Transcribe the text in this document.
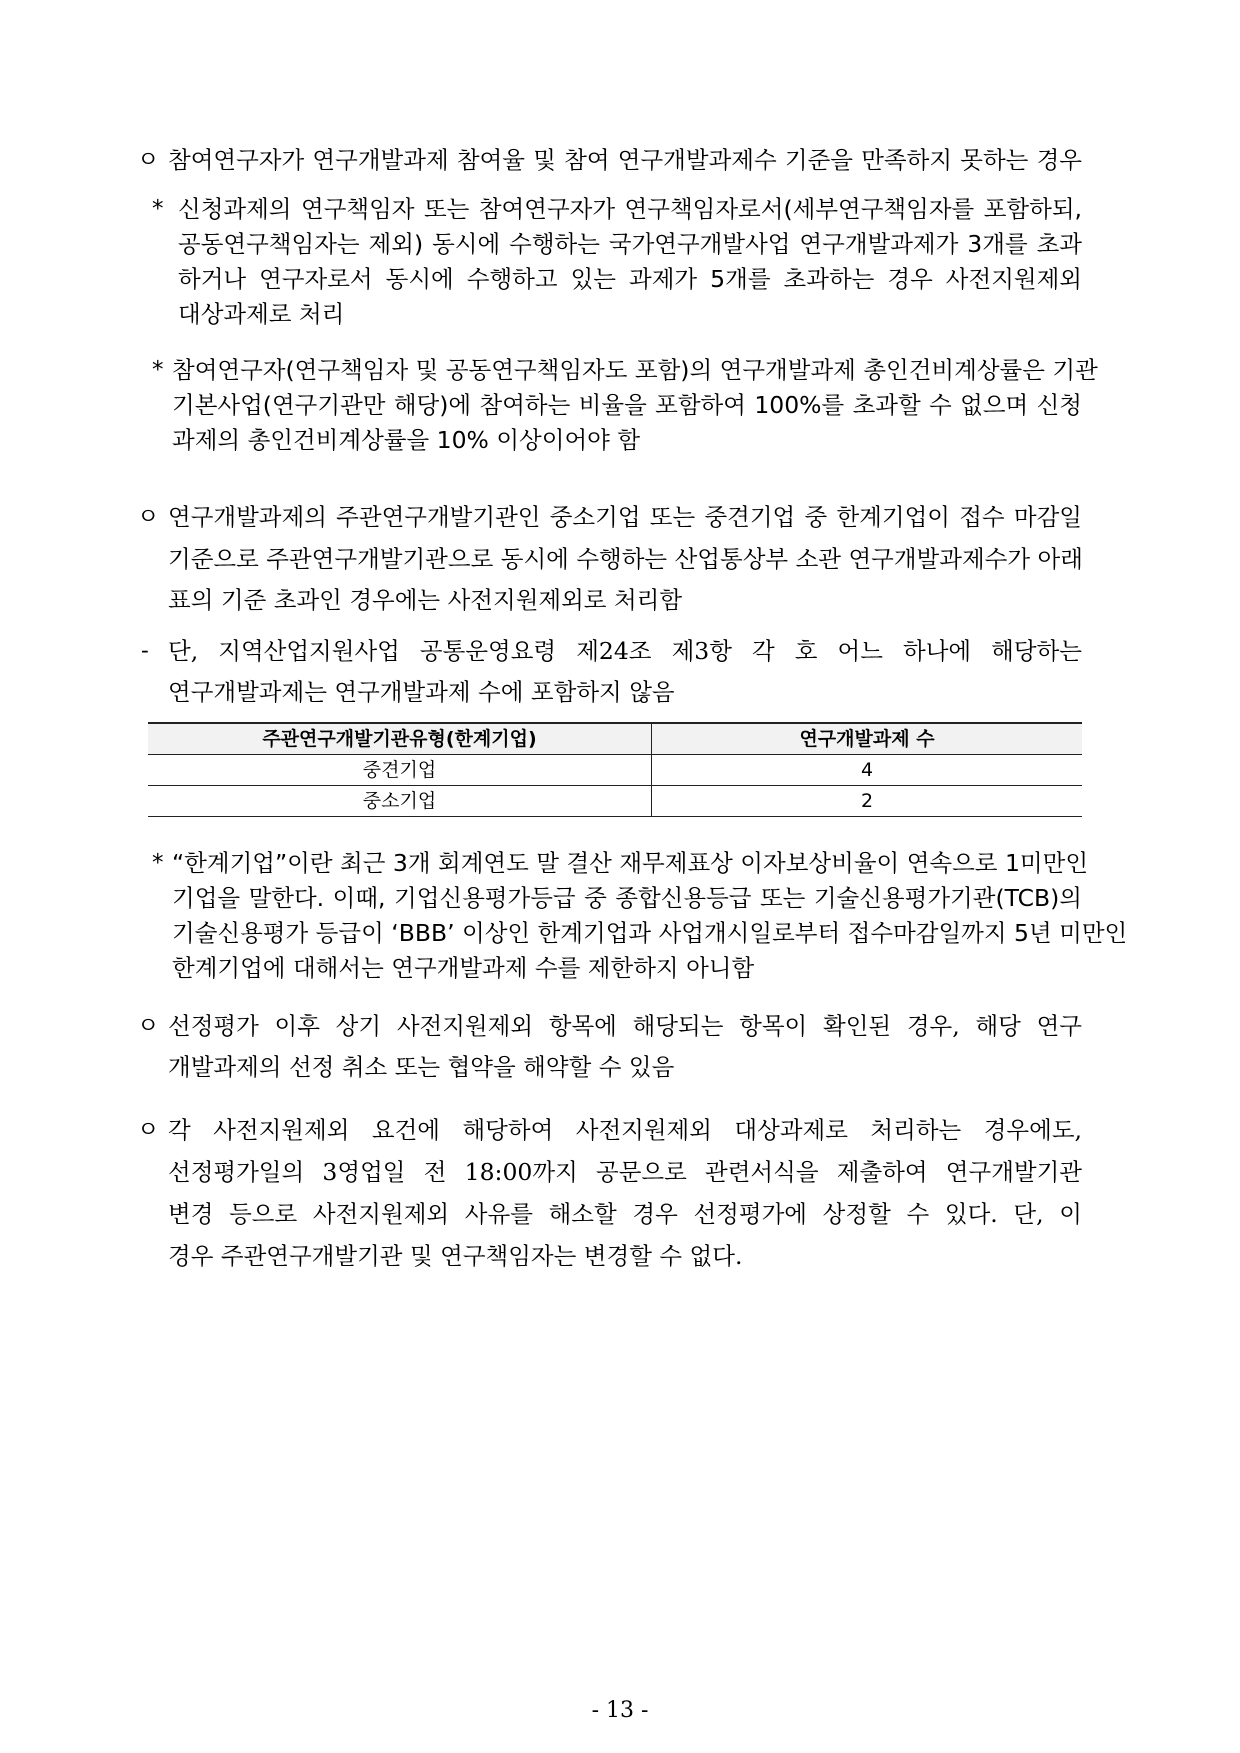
ㅇ 참여연구자가 연구개발과제 참여율 및 참여 연구개발과제수 기준을 만족하지 못하는 경우
* 신청과제의 연구책임자 또는 참여연구자가 연구책임자로서(세부연구책임자를 포함하되,
공동연구책임자는 제외) 동시에 수행하는 국가연구개발사업 연구개발과제가 3개를 초과
하거나 연구자로서 동시에 수행하고 있는 과제가 5개를 초과하는 경우 사전지원제외
대상과제로 처리
* 참여연구자(연구책임자 및 공동연구책임자도 포함)의 연구개발과제 총인건비계상률은 기관
기본사업(연구기관만 해당)에 참여하는 비율을 포함하여 100%를 초과할 수 없으며 신청
과제의 총인건비계상률을 10% 이상이어야 함
ㅇ 연구개발과제의 주관연구개발기관인 중소기업 또는 중견기업 중 한계기업이 접수 마감일
기준으로 주관연구개발기관으로 동시에 수행하는 산업통상부 소관 연구개발과제수가 아래
표의 기준 초과인 경우에는 사전지원제외로 처리함
- 단, 지역산업지원사업 공통운영요령 제24조 제3항 각 호 어느 하나에 해당하는
연구개발과제는 연구개발과제 수에 포함하지 않음
주관연구개발기관유형(한계기업)	연구개발과제 수
중견기업	4
중소기업	2
* “한계기업”이란 최근 3개 회계연도 말 결산 재무제표상 이자보상비율이 연속으로 1미만인
기업을 말한다. 이때, 기업신용평가등급 중 종합신용등급 또는 기술신용평가기관(TCB)의
기술신용평가 등급이 ‘BBB’ 이상인 한계기업과 사업개시일로부터 접수마감일까지 5년 미만인
한계기업에 대해서는 연구개발과제 수를 제한하지 아니함
ㅇ 선정평가 이후 상기 사전지원제외 항목에 해당되는 항목이 확인된 경우, 해당 연구
개발과제의 선정 취소 또는 협약을 해약할 수 있음
ㅇ 각 사전지원제외 요건에 해당하여 사전지원제외 대상과제로 처리하는 경우에도,
선정평가일의 3영업일 전 18:00까지 공문으로 관련서식을 제출하여 연구개발기관
변경 등으로 사전지원제외 사유를 해소할 경우 선정평가에 상정할 수 있다. 단, 이
경우 주관연구개발기관 및 연구책임자는 변경할 수 없다.
- 13 -
